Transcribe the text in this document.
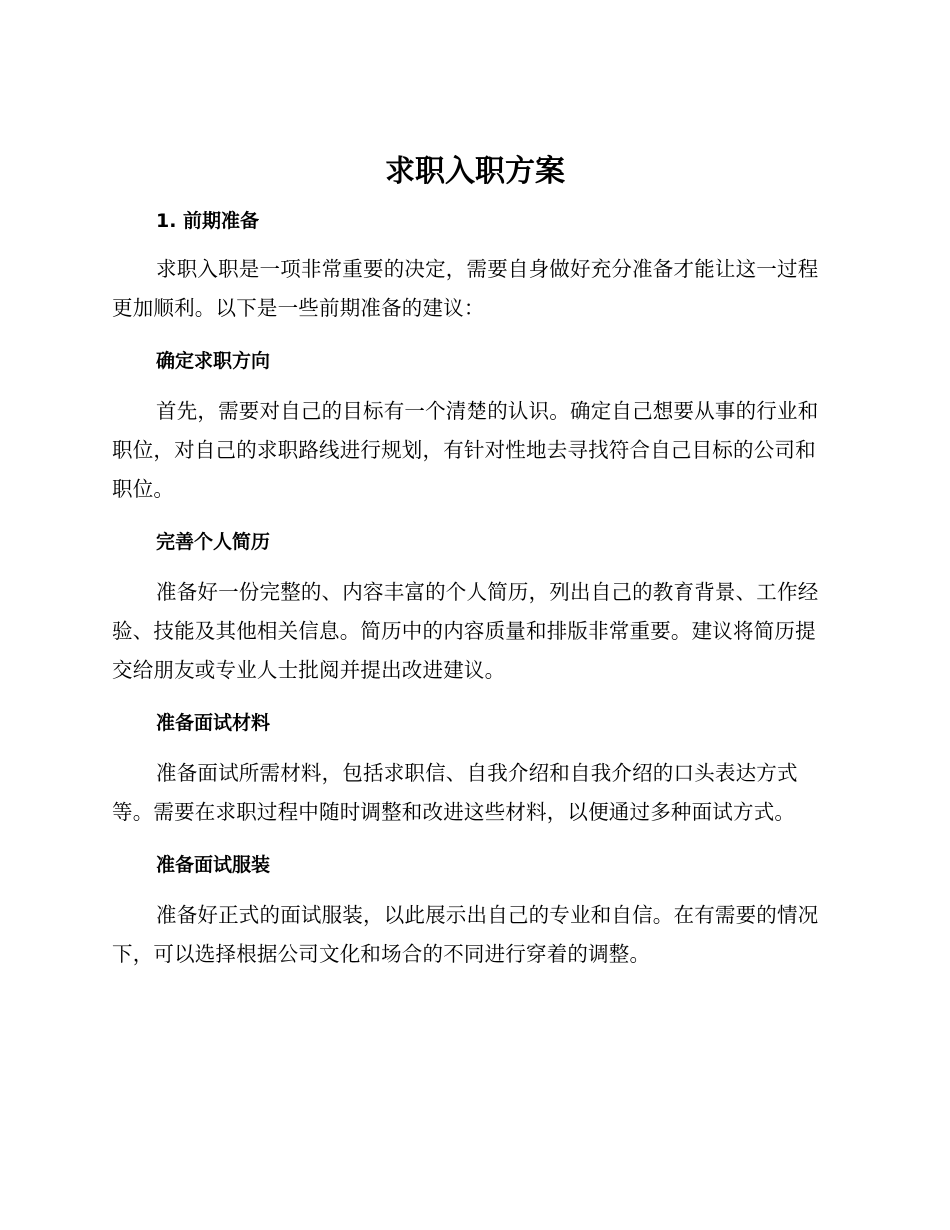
求职入职方案
1. 前期准备

求职入职是一项非常重要的决定，需要自身做好充分准备才能让这一过程更加顺利。以下是一些前期准备的建议：

确定求职方向

首先，需要对自己的目标有一个清楚的认识。确定自己想要从事的行业和职位，对自己的求职路线进行规划，有针对性地去寻找符合自己目标的公司和职位。

完善个人简历

准备好一份完整的、内容丰富的个人简历，列出自己的教育背景、工作经验、技能及其他相关信息。简历中的内容质量和排版非常重要。建议将简历提交给朋友或专业人士批阅并提出改进建议。

准备面试材料

准备面试所需材料，包括求职信、自我介绍和自我介绍的口头表达方式等。需要在求职过程中随时调整和改进这些材料，以便通过多种面试方式。

准备面试服装

准备好正式的面试服装，以此展示出自己的专业和自信。在有需要的情况下，可以选择根据公司文化和场合的不同进行穿着的调整。
